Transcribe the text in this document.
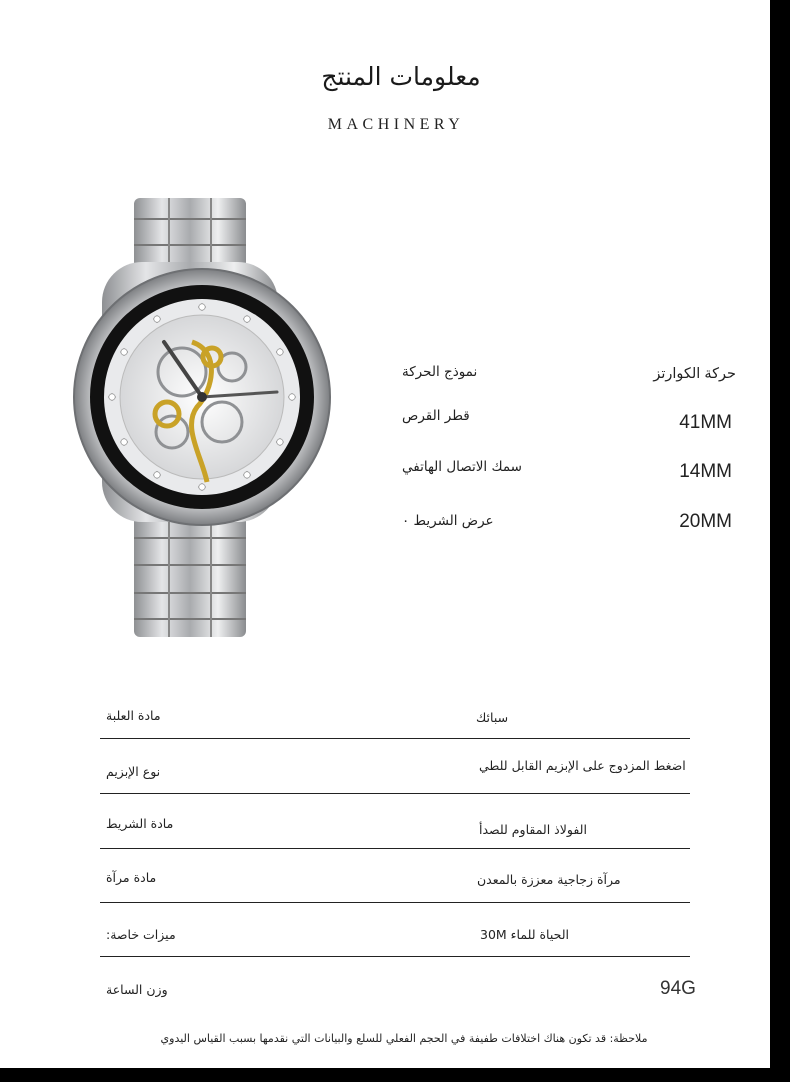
معلومات المنتج
MACHINERY
نموذج الحركة	حركة الكوارتز
قطر القرص	41MM
سمك الاتصال الهاتفي	14MM
عرض الشريط ٠	20MM
مادة العلبة	سبائك
نوع الإبزيم	اضغط المزدوج على الإبزيم القابل للطي
مادة الشريط	الفولاذ المقاوم للصدأ
مادة مرآة	مرآة زجاجية معززة بالمعدن
ميزات خاصة:	الحياة للماء 30M
وزن الساعة	94G
ملاحظة: قد تكون هناك اختلافات طفيفة في الحجم الفعلي للسلع والبيانات التي نقدمها بسبب القياس اليدوي
